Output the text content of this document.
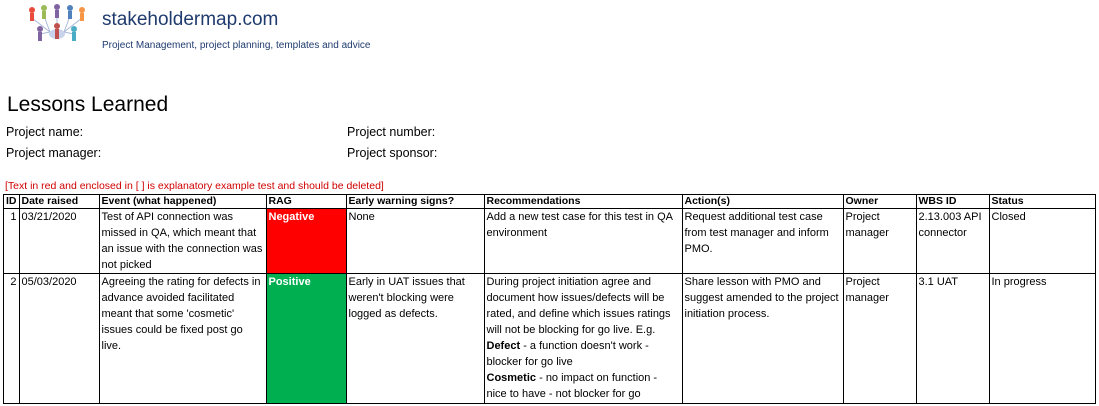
stakeholdermap.com
Project Management, project planning, templates and advice
Lessons Learned
Project name:
Project manager:
Project number:
Project sponsor:
[Text in red and enclosed in [ ] is explanatory example test and should be deleted]
ID	Date raised	Event (what happened)	RAG	Early warning signs?	Recommendations	Action(s)	Owner	WBS ID	Status
1	03/21/2020	Test of API connection was missed in QA, which meant that an issue with the connection was not picked	Negative	None	Add a new test case for this test in QA environment	Request additional test case from test manager and inform PMO.	Project manager	2.13.003 API connector	Closed
2	05/03/2020	Agreeing the rating for defects in advance avoided facilitated meant that some 'cosmetic' issues could be fixed post go live.	Positive	Early in UAT issues that weren't blocking were logged as defects.	During project initiation agree and document how issues/defects will be rated, and define which issues ratings will not be blocking for go live. E.g. Defect - a function doesn't work - blocker for go live
Cosmetic - no impact on function - nice to have - not blocker for go	Share lesson with PMO and suggest amended to the project initiation process.	Project manager	3.1 UAT	In progress
